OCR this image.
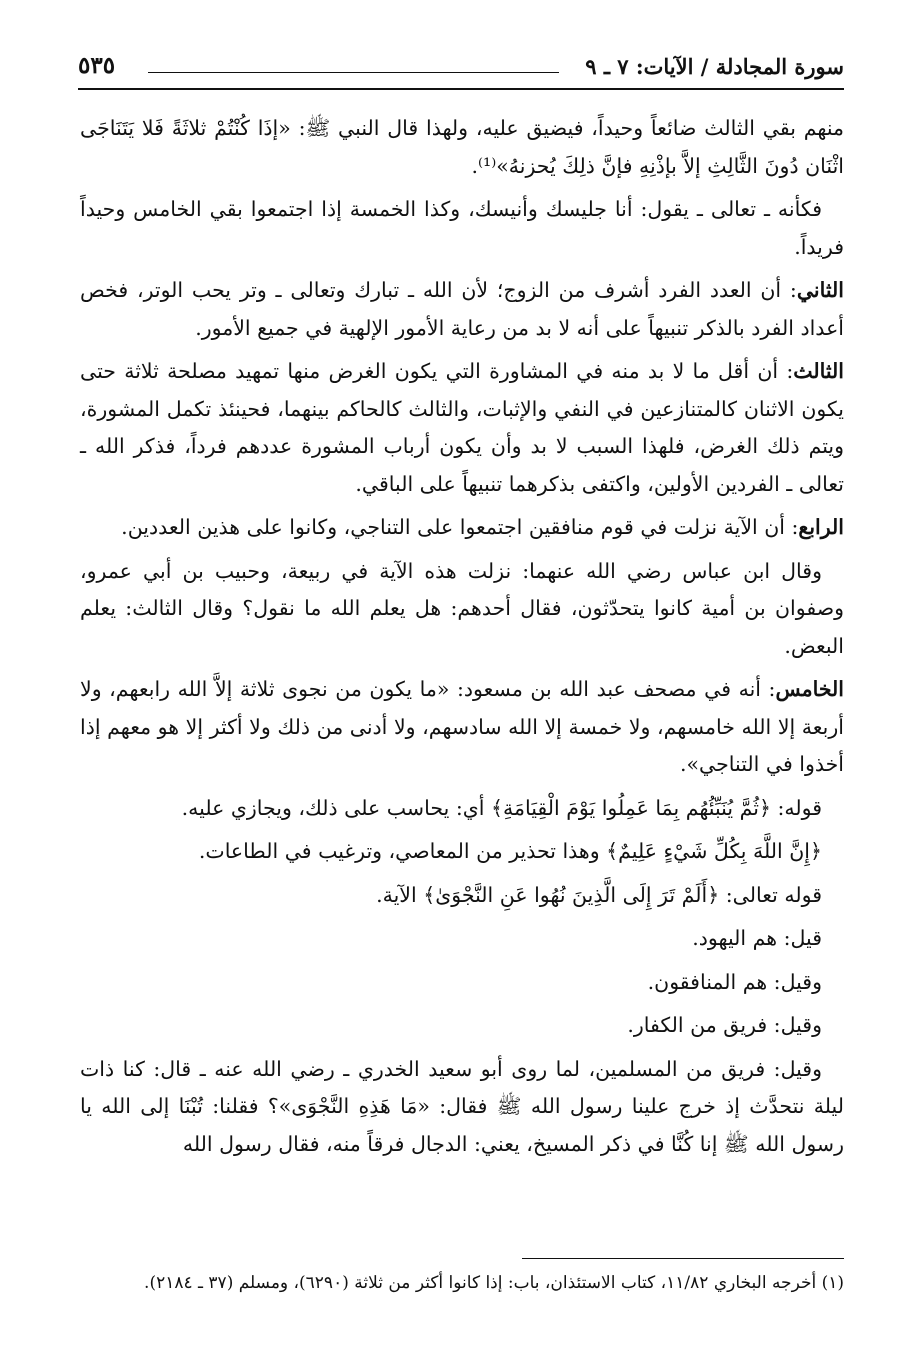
سورة المجادلة / الآيات: ٧ ـ ٩
٥٣٥

منهم بقي الثالث ضائعاً وحيداً، فيضيق عليه، ولهذا قال النبي ﷺ: «إذَا كُنْتُمْ ثلاثَةً فَلا يَتَنَاجَى اثْنَان دُونَ الثَّالِثِ إلاَّ بإذْنِهِ فإنَّ ذلِكَ يُحزنهُ»⁽¹⁾.

فكأنه ـ تعالى ـ يقول: أنا جليسك وأنيسك، وكذا الخمسة إذا اجتمعوا بقي الخامس وحيداً فريداً.

الثاني: أن العدد الفرد أشرف من الزوج؛ لأن الله ـ تبارك وتعالى ـ وتر يحب الوتر، فخص أعداد الفرد بالذكر تنبيهاً على أنه لا بد من رعاية الأمور الإلهية في جميع الأمور.

الثالث: أن أقل ما لا بد منه في المشاورة التي يكون الغرض منها تمهيد مصلحة ثلاثة حتى يكون الاثنان كالمتنازعين في النفي والإثبات، والثالث كالحاكم بينهما، فحينئذ تكمل المشورة، ويتم ذلك الغرض، فلهذا السبب لا بد وأن يكون أرباب المشورة عددهم فرداً، فذكر الله ـ تعالى ـ الفردين الأولين، واكتفى بذكرهما تنبيهاً على الباقي.

الرابع: أن الآية نزلت في قوم منافقين اجتمعوا على التناجي، وكانوا على هذين العددين.

وقال ابن عباس رضي الله عنهما: نزلت هذه الآية في ربيعة، وحبيب بن أبي عمرو، وصفوان بن أمية كانوا يتحدّثون، فقال أحدهم: هل يعلم الله ما نقول؟ وقال الثالث: يعلم البعض.

الخامس: أنه في مصحف عبد الله بن مسعود: «ما يكون من نجوى ثلاثة إلاَّ الله رابعهم، ولا أربعة إلا الله خامسهم، ولا خمسة إلا الله سادسهم، ولا أدنى من ذلك ولا أكثر إلا هو معهم إذا أخذوا في التناجي».

قوله: ﴿ثُمَّ يُنَبِّئُهُم بِمَا عَمِلُوا يَوْمَ الْقِيَامَةِ﴾ أي: يحاسب على ذلك، ويجازي عليه.

﴿إِنَّ اللَّهَ بِكُلِّ شَيْءٍ عَلِيمٌ﴾ وهذا تحذير من المعاصي، وترغيب في الطاعات.

قوله تعالى: ﴿أَلَمْ تَرَ إِلَى الَّذِينَ نُهُوا عَنِ النَّجْوَىٰ﴾ الآية.

قيل: هم اليهود.

وقيل: هم المنافقون.

وقيل: فريق من الكفار.

وقيل: فريق من المسلمين، لما روى أبو سعيد الخدري ـ رضي الله عنه ـ قال: كنا ذات ليلة نتحدَّث إذ خرج علينا رسول الله ﷺ فقال: «مَا هَذِهِ النَّجْوَى»؟ فقلنا: تُبْنَا إلى الله يا رسول الله ﷺ إنا كُنَّا في ذكر المسيخ، يعني: الدجال فرقاً منه، فقال رسول الله

(١) أخرجه البخاري ١١/٨٢، كتاب الاستئذان، باب: إذا كانوا أكثر من ثلاثة (٦٢٩٠)، ومسلم (٣٧ ـ ٢١٨٤).
